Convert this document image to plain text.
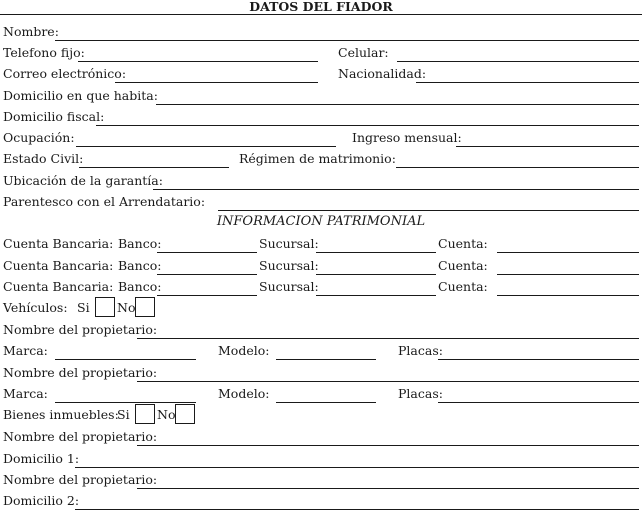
DATOS DEL FIADOR
Nombre:
Telefono fijo:	Celular:
Correo electrónico:	Nacionalidad:
Domicilio en que habita:
Domicilio fiscal:
Ocupación:	Ingreso mensual:
Estado Civil:	Régimen de matrimonio:
Ubicación de la garantía:
Parentesco con el Arrendatario:
INFORMACION PATRIMONIAL
Cuenta Bancaria: Banco:	Sucursal:	Cuenta:
Cuenta Bancaria: Banco:	Sucursal:	Cuenta:
Cuenta Bancaria: Banco:	Sucursal:	Cuenta:
Vehículos: Si No
Nombre del propietario:
Marca:	Modelo:	Placas:
Nombre del propietario:
Marca:	Modelo:	Placas:
Bienes inmuebles:
Si No
Nombre del propietario:
Domicilio 1:
Nombre del propietario:
Domicilio 2:
